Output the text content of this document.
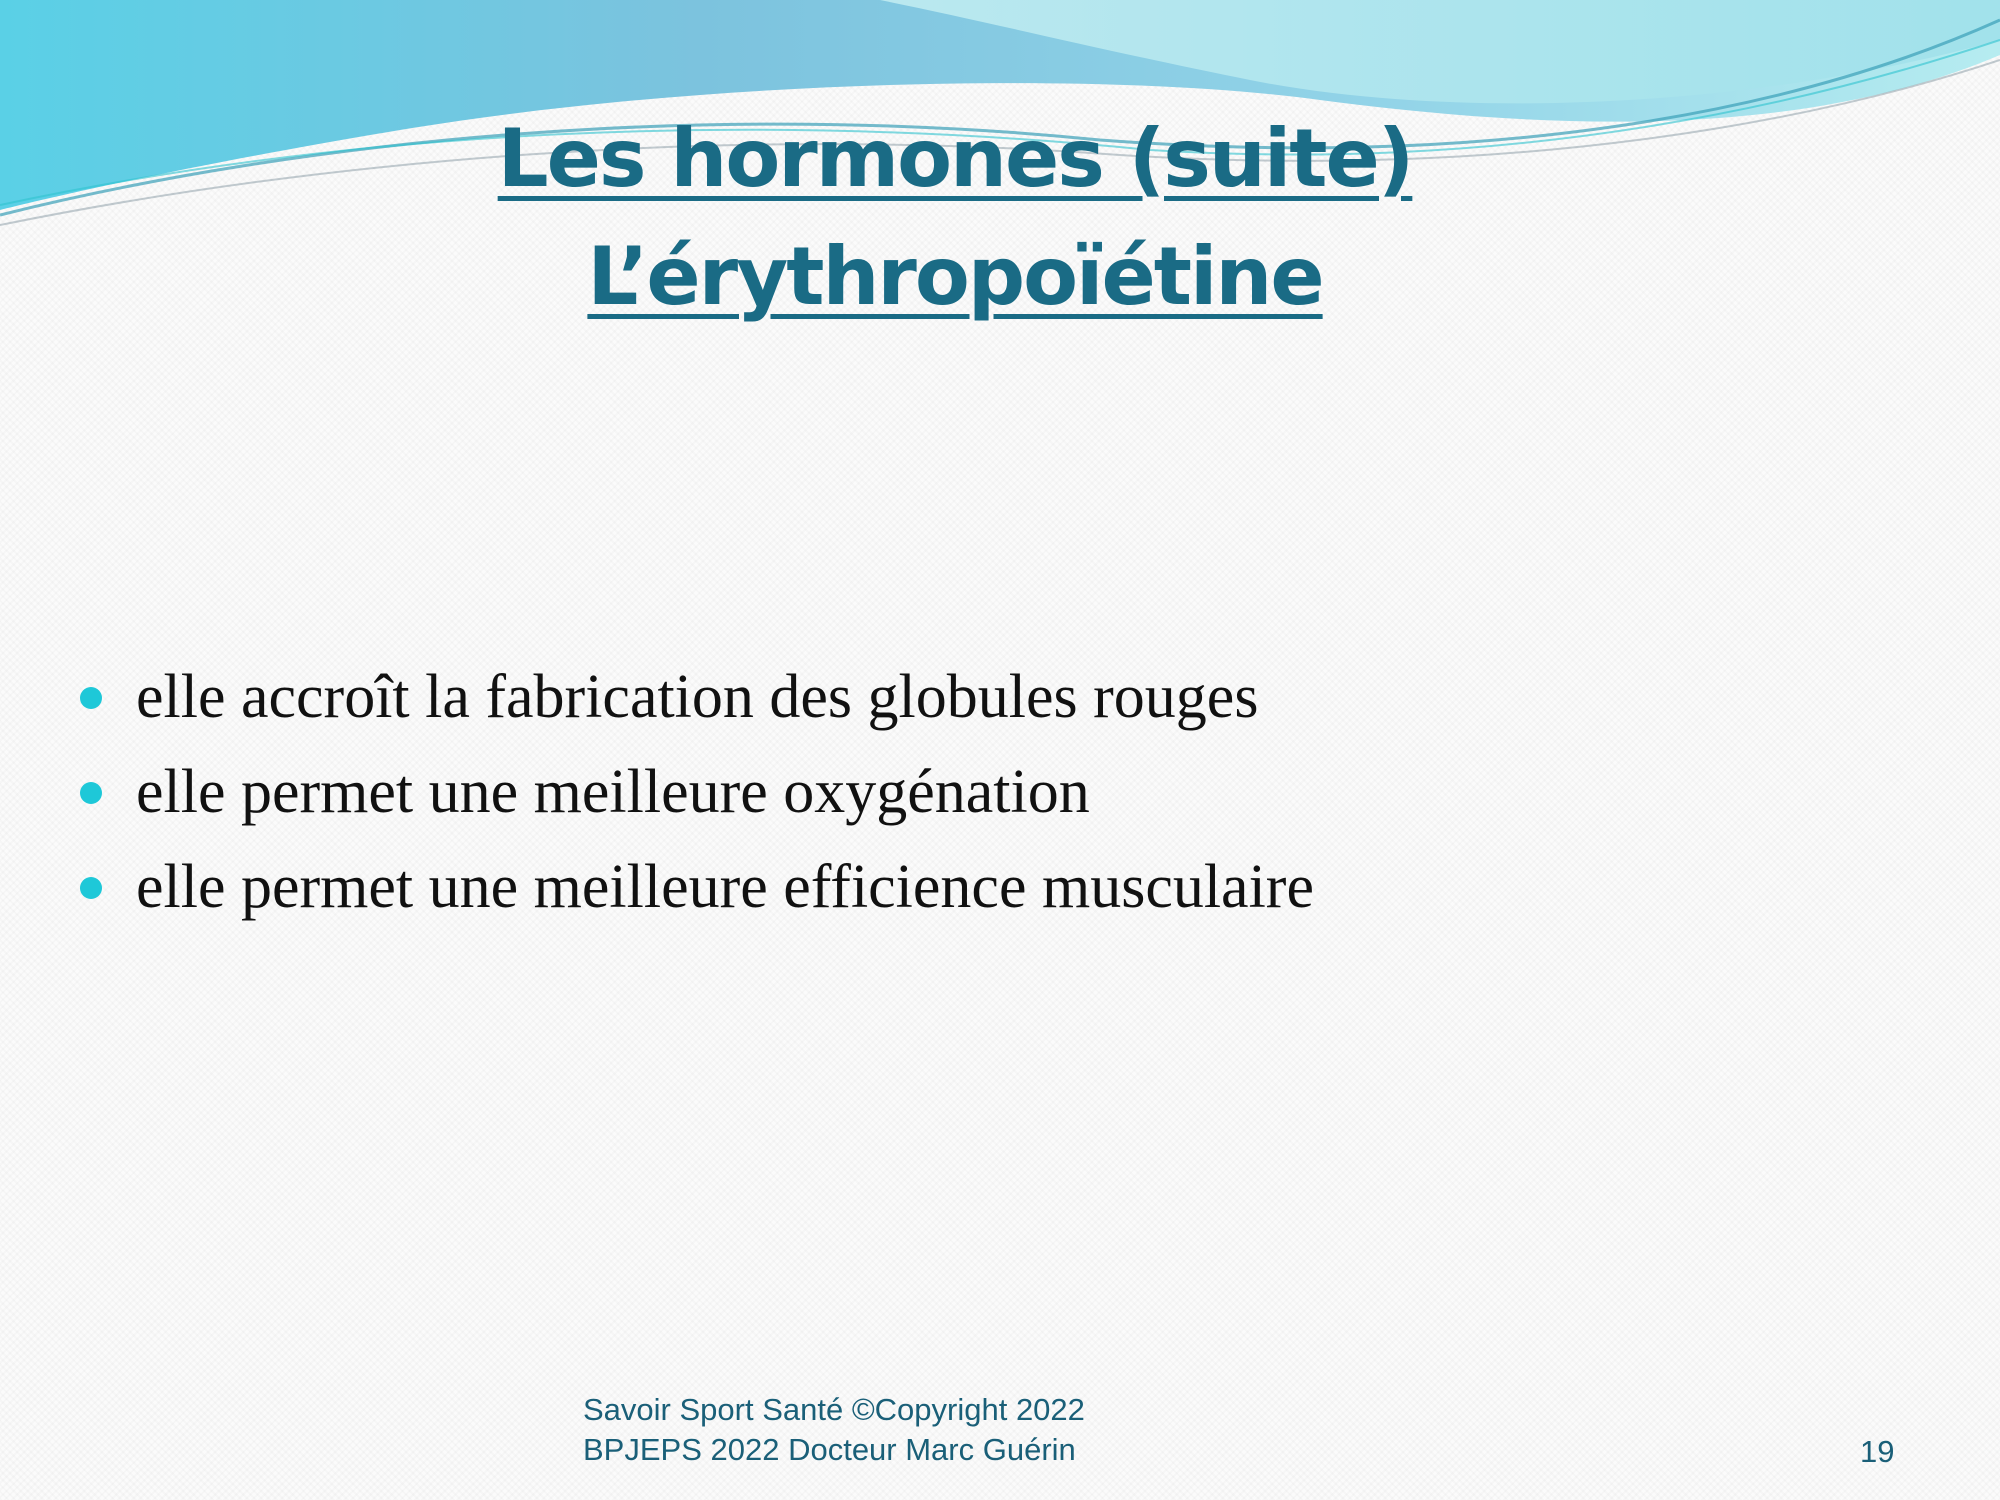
Les hormones (suite)
L’érythropoïétine
elle accroît la fabrication des globules rouges
elle permet une meilleure oxygénation
elle permet une meilleure efficience musculaire
Savoir Sport Santé ©Copyright 2022
BPJEPS 2022 Docteur Marc Guérin	19
